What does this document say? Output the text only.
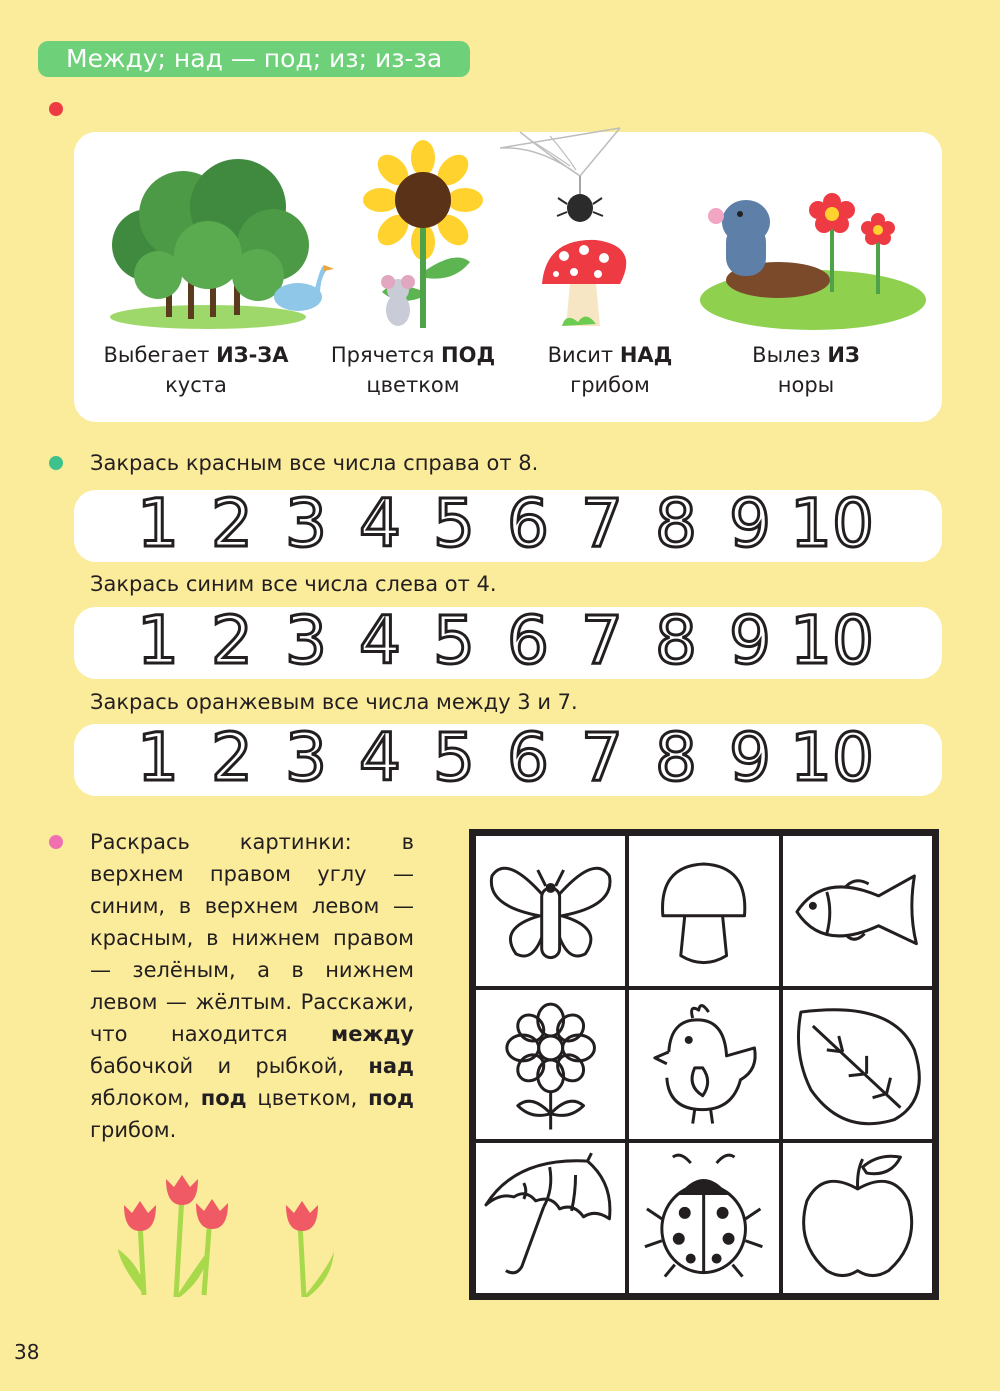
Между; над — под; из; из-за
Выбегает ИЗ-ЗА
куста
Прячется ПОД
цветком
Висит НАД
грибом
Вылез ИЗ
норы
Закрась красным все числа справа от 8.
1 2 3 4 5 6 7 8 9 10
Закрась синим все числа слева от 4.
1 2 3 4 5 6 7 8 9 10
Закрась оранжевым все числа между 3 и 7.
1 2 3 4 5 6 7 8 9 10
Раскрась картинки: в верхнем правом углу — синим, в верхнем левом — красным, в нижнем правом — зелёным, а в нижнем левом — жёлтым. Расскажи, что находится между бабочкой и рыбкой, над яблоком, под цветком, под грибом.
38
